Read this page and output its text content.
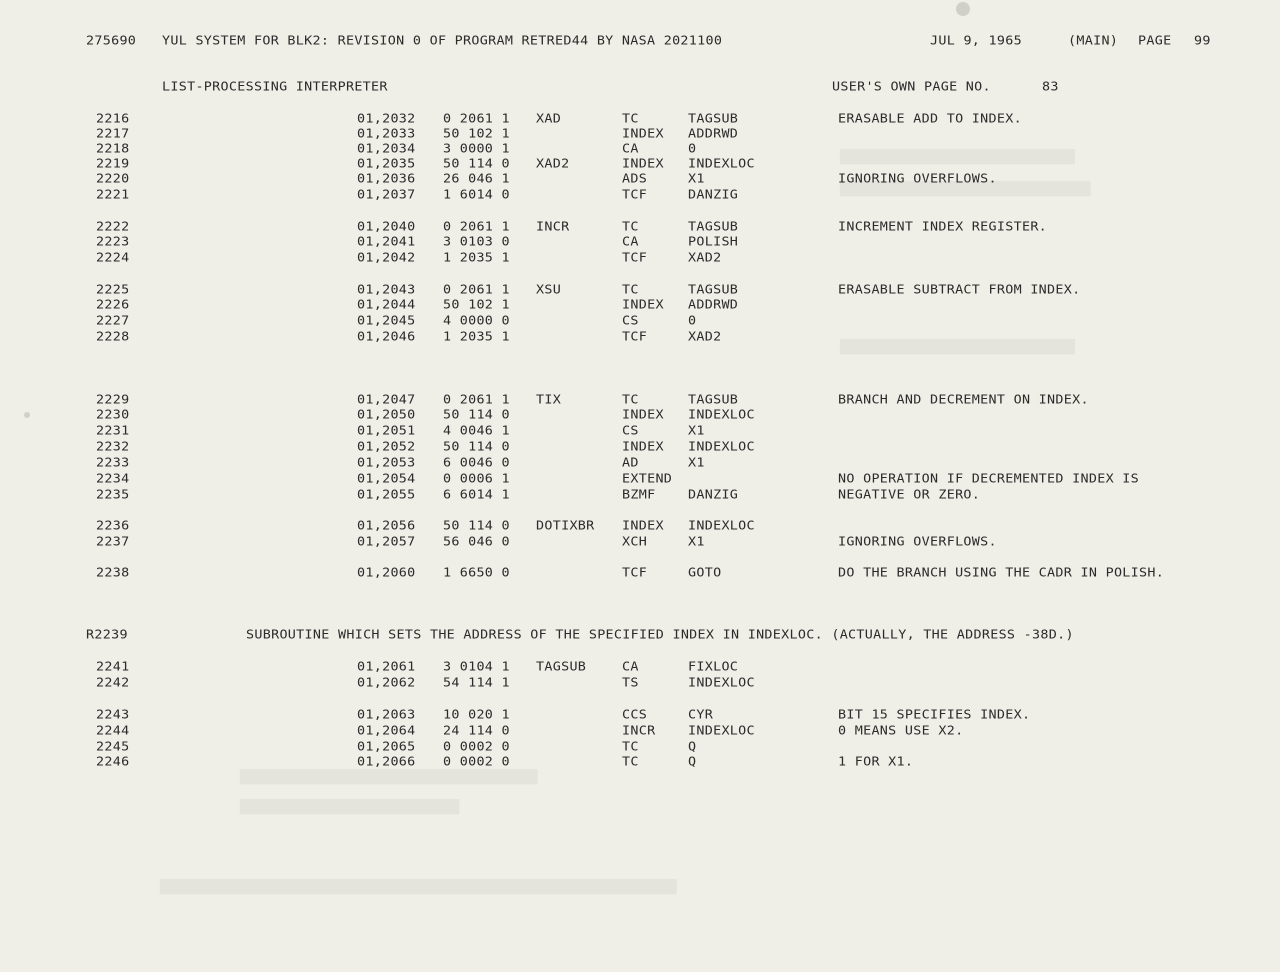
██████████████████████████████
████████████████████████████████
██████████████████████████████
██████████████████████████████████████
████████████████████████████
██████████████████████████████████████████████████████████████████
275690 YUL SYSTEM FOR BLK2: REVISION 0 OF PROGRAM RETRED44 BY NASA 2021100	JUL 9, 1965	(MAIN) PAGE 99
LIST-PROCESSING INTERPRETER	USER'S OWN PAGE NO.	83
2216	01,2032 0 2061 1 XAD	TC	TAGSUB	ERASABLE ADD TO INDEX.
2217	01,2033 50 102 1	INDEX ADDRWD
2218	01,2034 3 0000 1	CA	0
2219	01,2035 50 114 0 XAD2	INDEX INDEXLOC
2220	01,2036 26 046 1	ADS	X1	IGNORING OVERFLOWS.
2221	01,2037 1 6014 0	TCF	DANZIG
2222	01,2040 0 2061 1 INCR	TC	TAGSUB	INCREMENT INDEX REGISTER.
2223	01,2041 3 0103 0	CA	POLISH
2224	01,2042 1 2035 1	TCF	XAD2
2225	01,2043 0 2061 1 XSU	TC	TAGSUB	ERASABLE SUBTRACT FROM INDEX.
2226	01,2044 50 102 1	INDEX ADDRWD
2227	01,2045 4 0000 0	CS	0
2228	01,2046 1 2035 1	TCF	XAD2
2229	01,2047 0 2061 1 TIX	TC	TAGSUB	BRANCH AND DECREMENT ON INDEX.
2230	01,2050 50 114 0	INDEX INDEXLOC
2231	01,2051 4 0046 1	CS	X1
2232	01,2052 50 114 0	INDEX INDEXLOC
2233	01,2053 6 0046 0	AD	X1
2234	01,2054 0 0006 1	EXTEND	NO OPERATION IF DECREMENTED INDEX IS
2235	01,2055 6 6014 1	BZMF DANZIG	NEGATIVE OR ZERO.
2236	01,2056 50 114 0 DOTIXBR INDEX INDEXLOC
2237	01,2057 56 046 0	XCH	X1	IGNORING OVERFLOWS.
2238	01,2060 1 6650 0	TCF	GOTO	DO THE BRANCH USING THE CADR IN POLISH.
2241	01,2061 3 0104 1 TAGSUB	CA	FIXLOC
2242	01,2062 54 114 1	TS	INDEXLOC
2243	01,2063 10 020 1	CCS	CYR	BIT 15 SPECIFIES INDEX.
2244	01,2064 24 114 0	INCR INDEXLOC	0 MEANS USE X2.
2245	01,2065 0 0002 0	TC	Q
2246	01,2066 0 0002 0	TC	Q	1 FOR X1.
R2239	SUBROUTINE WHICH SETS THE ADDRESS OF THE SPECIFIED INDEX IN INDEXLOC. (ACTUALLY, THE ADDRESS -38D.)
